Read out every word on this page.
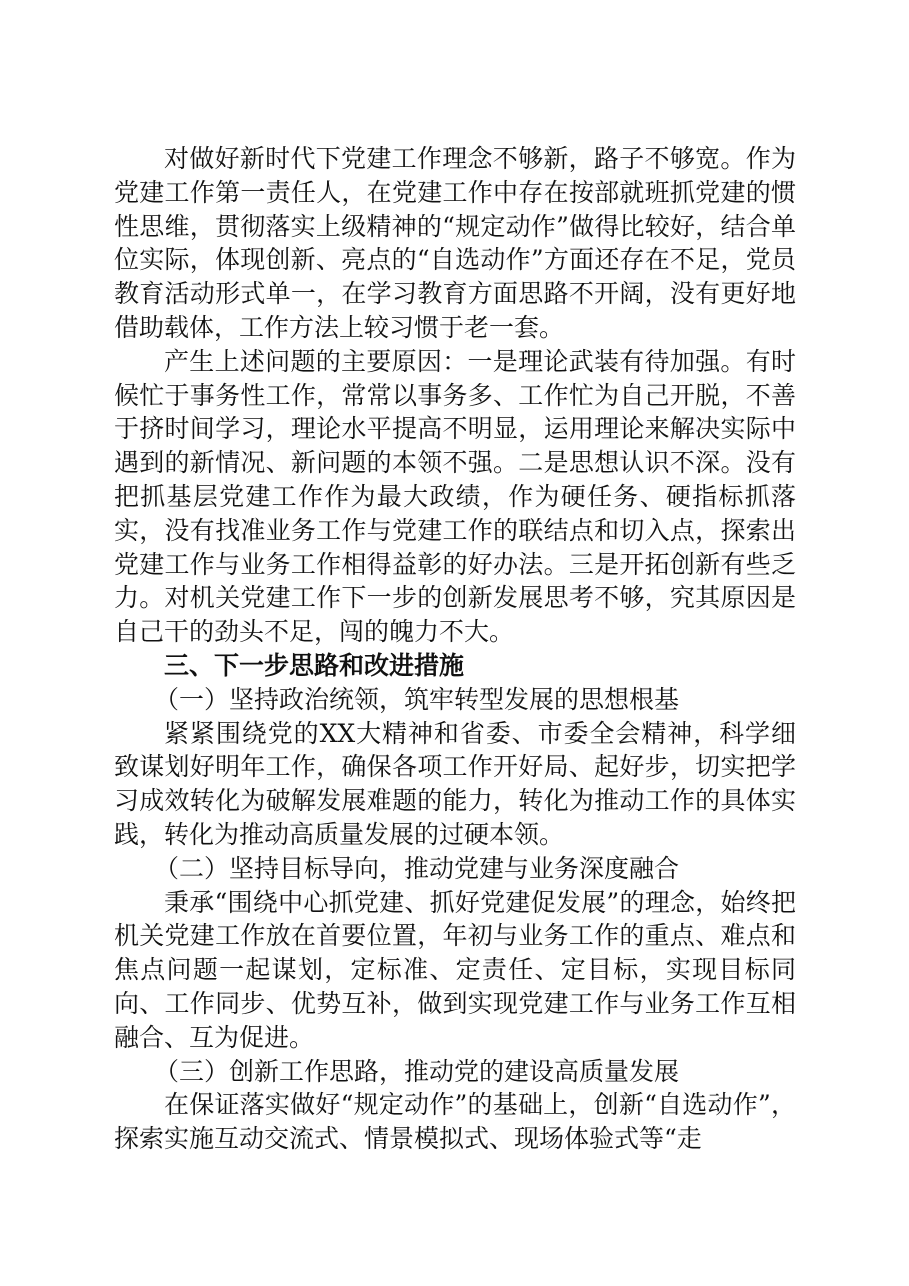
对做好新时代下党建工作理念不够新，路子不够宽。作为党建工作第一责任人，在党建工作中存在按部就班抓党建的惯性思维，贯彻落实上级精神的“规定动作”做得比较好，结合单位实际，体现创新、亮点的“自选动作”方面还存在不足，党员教育活动形式单一，在学习教育方面思路不开阔，没有更好地借助载体，工作方法上较习惯于老一套。

产生上述问题的主要原因：一是理论武装有待加强。有时候忙于事务性工作，常常以事务多、工作忙为自己开脱，不善于挤时间学习，理论水平提高不明显，运用理论来解决实际中遇到的新情况、新问题的本领不强。二是思想认识不深。没有把抓基层党建工作作为最大政绩，作为硬任务、硬指标抓落实，没有找准业务工作与党建工作的联结点和切入点，探索出党建工作与业务工作相得益彰的好办法。三是开拓创新有些乏力。对机关党建工作下一步的创新发展思考不够，究其原因是自己干的劲头不足，闯的魄力不大。

三、下一步思路和改进措施

（一）坚持政治统领，筑牢转型发展的思想根基

紧紧围绕党的XX大精神和省委、市委全会精神，科学细致谋划好明年工作，确保各项工作开好局、起好步，切实把学习成效转化为破解发展难题的能力，转化为推动工作的具体实践，转化为推动高质量发展的过硬本领。

（二）坚持目标导向，推动党建与业务深度融合

秉承“围绕中心抓党建、抓好党建促发展”的理念，始终把机关党建工作放在首要位置，年初与业务工作的重点、难点和焦点问题一起谋划，定标准、定责任、定目标，实现目标同向、工作同步、优势互补，做到实现党建工作与业务工作互相融合、互为促进。

（三）创新工作思路，推动党的建设高质量发展

在保证落实做好“规定动作”的基础上，创新“自选动作”，探索实施互动交流式、情景模拟式、现场体验式等“走
